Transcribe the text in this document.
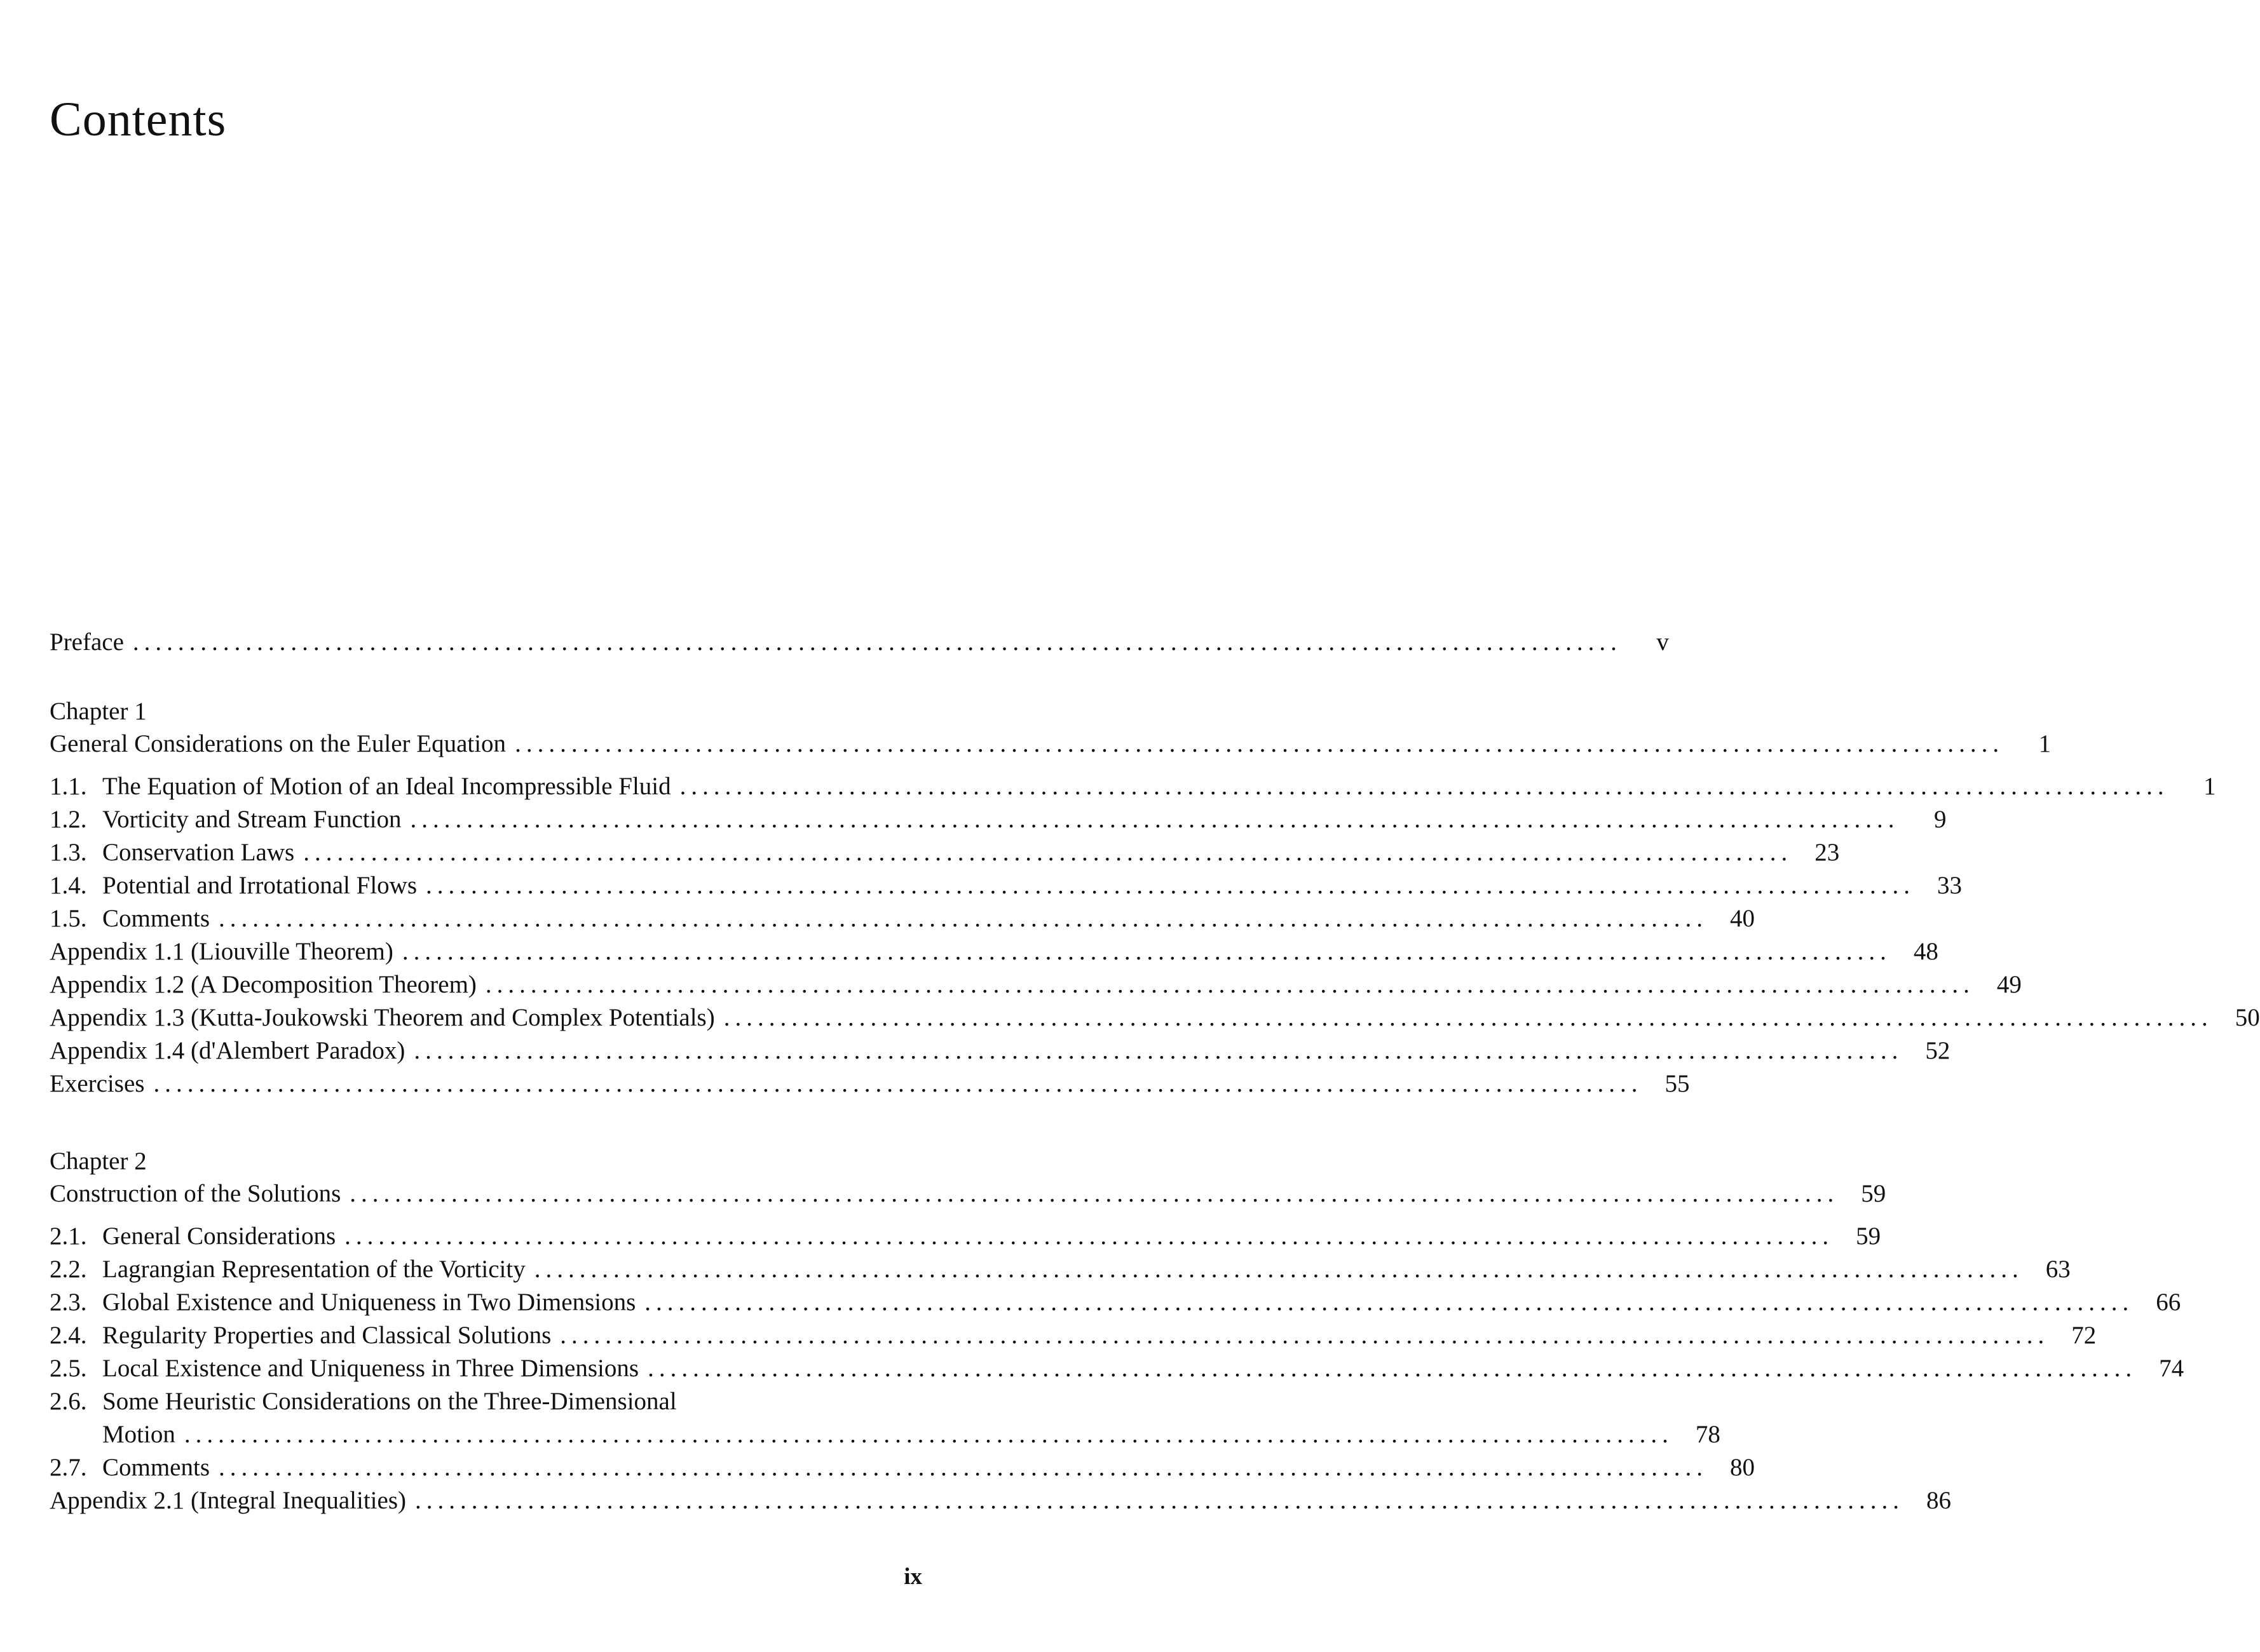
Contents
Preface ....................................................................................................................................	v
Chapter 1
General Considerations on the Euler Equation ....................................................................................................................................	1
1.1. The Equation of Motion of an Ideal Incompressible Fluid ....................................................................................................................................	1
1.2. Vorticity and Stream Function ....................................................................................................................................	9
1.3. Conservation Laws .................................................................................................................................... 23
1.4. Potential and Irrotational Flows .................................................................................................................................... 33
1.5. Comments .................................................................................................................................... 40
Appendix 1.1 (Liouville Theorem) .................................................................................................................................... 48
Appendix 1.2 (A Decomposition Theorem) .................................................................................................................................... 49
Appendix 1.3 (Kutta-Joukowski Theorem and Complex Potentials) .................................................................................................................................... 50
Appendix 1.4 (d'Alembert Paradox) .................................................................................................................................... 52
Exercises .................................................................................................................................... 55
Chapter 2
Construction of the Solutions .................................................................................................................................... 59
2.1. General Considerations .................................................................................................................................... 59
2.2. Lagrangian Representation of the Vorticity .................................................................................................................................... 63
2.3. Global Existence and Uniqueness in Two Dimensions .................................................................................................................................... 66
2.4. Regularity Properties and Classical Solutions .................................................................................................................................... 72
2.5. Local Existence and Uniqueness in Three Dimensions .................................................................................................................................... 74
2.6. Some Heuristic Considerations on the Three-Dimensional
Motion .................................................................................................................................... 78
2.7. Comments .................................................................................................................................... 80
Appendix 2.1 (Integral Inequalities) .................................................................................................................................... 86
ix
